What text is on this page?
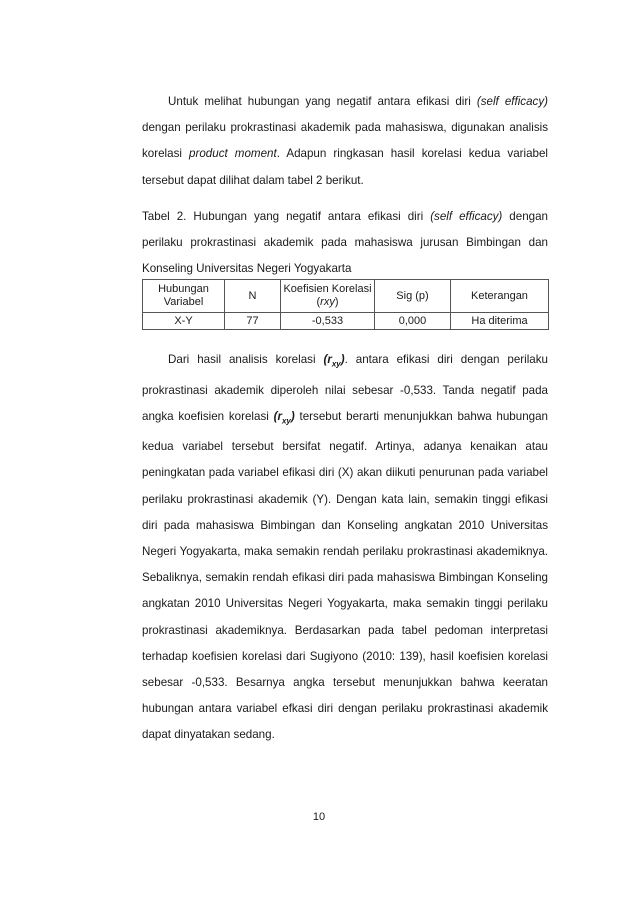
Untuk melihat hubungan yang negatif antara efikasi diri (self efficacy) dengan perilaku prokrastinasi akademik pada mahasiswa, digunakan analisis korelasi product moment. Adapun ringkasan hasil korelasi kedua variabel tersebut dapat dilihat dalam tabel 2 berikut.

Tabel 2. Hubungan yang negatif antara efikasi diri (self efficacy) dengan perilaku prokrastinasi akademik pada mahasiswa jurusan Bimbingan dan Konseling Universitas Negeri Yogyakarta

Hubungan Variabel	N	Koefisien Korelasi (rxy)	Sig (p)	Keterangan
X-Y	77	-0,533	0,000	Ha diterima

Dari hasil analisis korelasi $(r_{xy})$. antara efikasi diri dengan perilaku prokrastinasi akademik diperoleh nilai sebesar -0,533. Tanda negatif pada angka koefisien korelasi $(r_{xy})$ tersebut berarti menunjukkan bahwa hubungan kedua variabel tersebut bersifat negatif. Artinya, adanya kenaikan atau peningkatan pada variabel efikasi diri (X) akan diikuti penurunan pada variabel perilaku prokrastinasi akademik (Y). Dengan kata lain, semakin tinggi efikasi diri pada mahasiswa Bimbingan dan Konseling angkatan 2010 Universitas Negeri Yogyakarta, maka semakin rendah perilaku prokrastinasi akademiknya. Sebaliknya, semakin rendah efikasi diri pada mahasiswa Bimbingan Konseling angkatan 2010 Universitas Negeri Yogyakarta, maka semakin tinggi perilaku prokrastinasi akademiknya. Berdasarkan pada tabel pedoman interpretasi terhadap koefisien korelasi dari Sugiyono (2010: 139), hasil koefisien korelasi sebesar -0,533. Besarnya angka tersebut menunjukkan bahwa keeratan hubungan antara variabel efkasi diri dengan perilaku prokrastinasi akademik dapat dinyatakan sedang.

10
